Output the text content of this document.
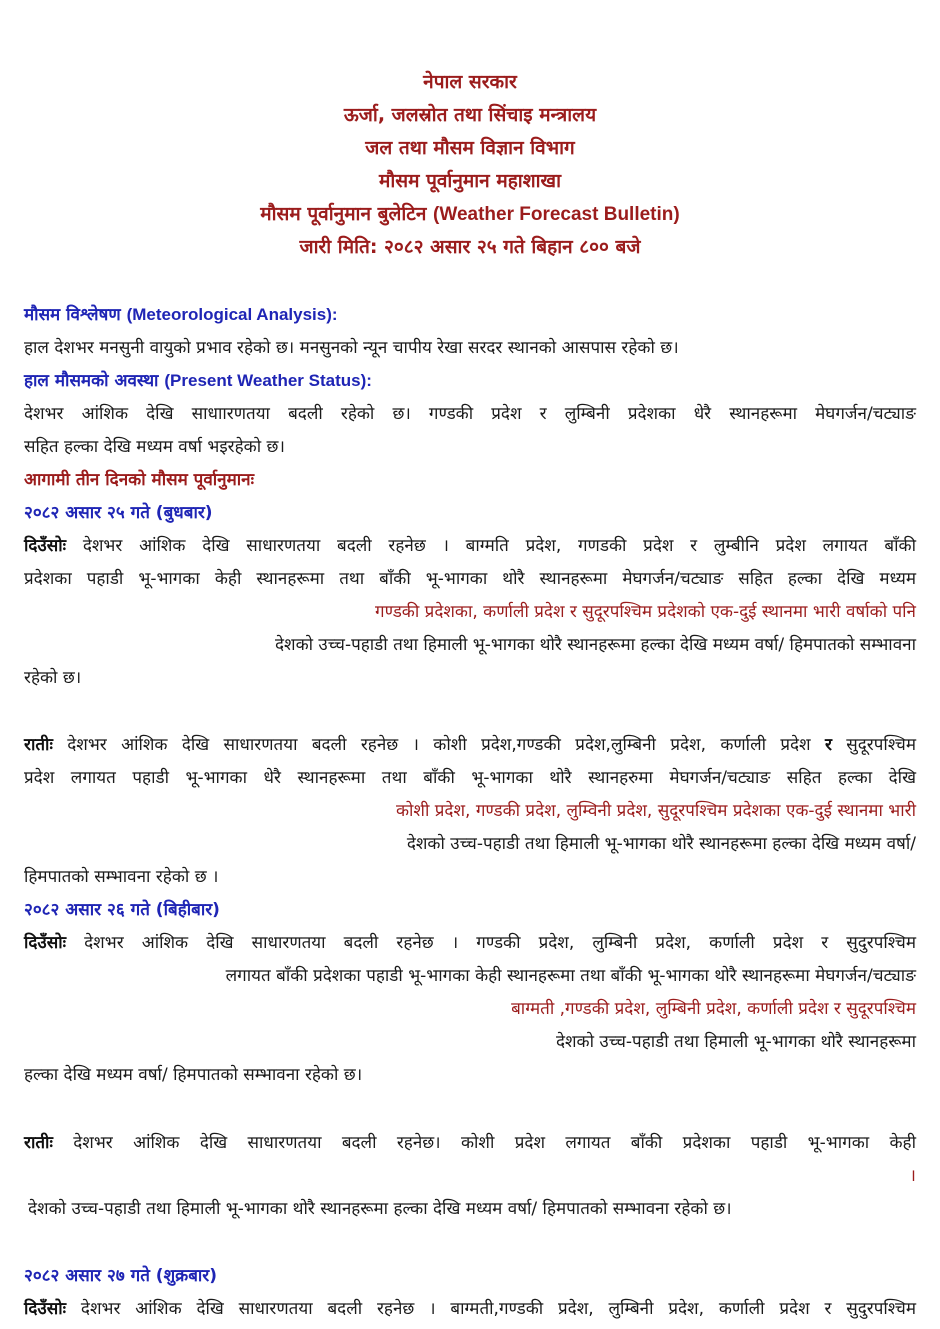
नेपाल सरकार
ऊर्जा, जलस्रोत तथा सिंचाइ मन्त्रालय
जल तथा मौसम विज्ञान विभाग
मौसम पूर्वानुमान महाशाखा
मौसम पूर्वानुमान बुलेटिन (Weather Forecast Bulletin)
जारी मिति: २०८२ असार २५ गते बिहान ८०० बजे
मौसम विश्लेषण (Meteorological Analysis):
हाल देशभर मनसुनी वायुको प्रभाव रहेको छ। मनसुनको न्यून चापीय रेखा सरदर स्थानको आसपास रहेको छ।
हाल मौसमको अवस्था (Present Weather Status):
देशभर आंशिक देखि साधाारणतया बदली रहेको छ। गण्डकी प्रदेश र लुम्बिनी प्रदेशका धेरै स्थानहरूमा मेघगर्जन/चट्याङ
सहित हल्का देखि मध्यम वर्षा भइरहेको छ।
आगामी तीन दिनको मौसम पूर्वानुमानः
२०८२ असार २५ गते (बुधबार)
दिउँसोः देशभर आंशिक देखि साधारणतया बदली रहनेछ । बाग्मति प्रदेश, गणडकी प्रदेश र लुम्बीनि प्रदेश लगायत बाँकी
प्रदेशका पहाडी भू-भागका केही स्थानहरूमा तथा बाँकी भू-भागका थोरै स्थानहरूमा मेघगर्जन/चट्याङ सहित हल्का देखि मध्यम
गण्डकी प्रदेशका, कर्णाली प्रदेश र सुदूरपश्चिम प्रदेशको एक-दुई स्थानमा भारी वर्षाको पनि
देशको उच्च-पहाडी तथा हिमाली भू-भागका थोरै स्थानहरूमा हल्का देखि मध्यम वर्षा/ हिमपातको सम्भावना
रहेको छ।
रातीः देशभर आंशिक देखि साधारणतया बदली रहनेछ । कोशी प्रदेश,गण्डकी प्रदेश,लुम्बिनी प्रदेश, कर्णाली प्रदेश र सुदूरपश्चिम
प्रदेश लगायत पहाडी भू-भागका धेरै स्थानहरूमा तथा बाँकी भू-भागका थोरै स्थानहरुमा मेघगर्जन/चट्याङ सहित हल्का देखि
कोशी प्रदेश, गण्डकी प्रदेश, लुम्विनी प्रदेश, सुदूरपश्चिम प्रदेशका एक-दुई स्थानमा भारी
देशको उच्च-पहाडी तथा हिमाली भू-भागका थोरै स्थानहरूमा हल्का देखि मध्यम वर्षा/
हिमपातको सम्भावना रहेको छ ।
२०८२ असार २६ गते (बिहीबार)
दिउँसोः देशभर आंशिक देखि साधारणतया बदली रहनेछ । गण्डकी प्रदेश, लुम्बिनी प्रदेश, कर्णाली प्रदेश र सुदुरपश्चिम
लगायत बाँकी प्रदेशका पहाडी भू-भागका केही स्थानहरूमा तथा बाँकी भू-भागका थोरै स्थानहरूमा मेघगर्जन/चट्याङ
बाग्मती ,गण्डकी प्रदेश, लुम्बिनी प्रदेश, कर्णाली प्रदेश र सुदूरपश्चिम
देशको उच्च-पहाडी तथा हिमाली भू-भागका थोरै स्थानहरूमा
हल्का देखि मध्यम वर्षा/ हिमपातको सम्भावना रहेको छ।
रातीः देशभर आंशिक देखि साधारणतया बदली रहनेछ। कोशी प्रदेश लगायत बाँकी प्रदेशका पहाडी भू-भागका केही
।
देशको उच्च-पहाडी तथा हिमाली भू-भागका थोरै स्थानहरूमा हल्का देखि मध्यम वर्षा/ हिमपातको सम्भावना रहेको छ।
२०८२ असार २७ गते (शुक्रबार)
दिउँसोः देशभर आंशिक देखि साधारणतया बदली रहनेछ । बाग्मती,गण्डकी प्रदेश, लुम्बिनी प्रदेश, कर्णाली प्रदेश र सुदुरपश्चिम
